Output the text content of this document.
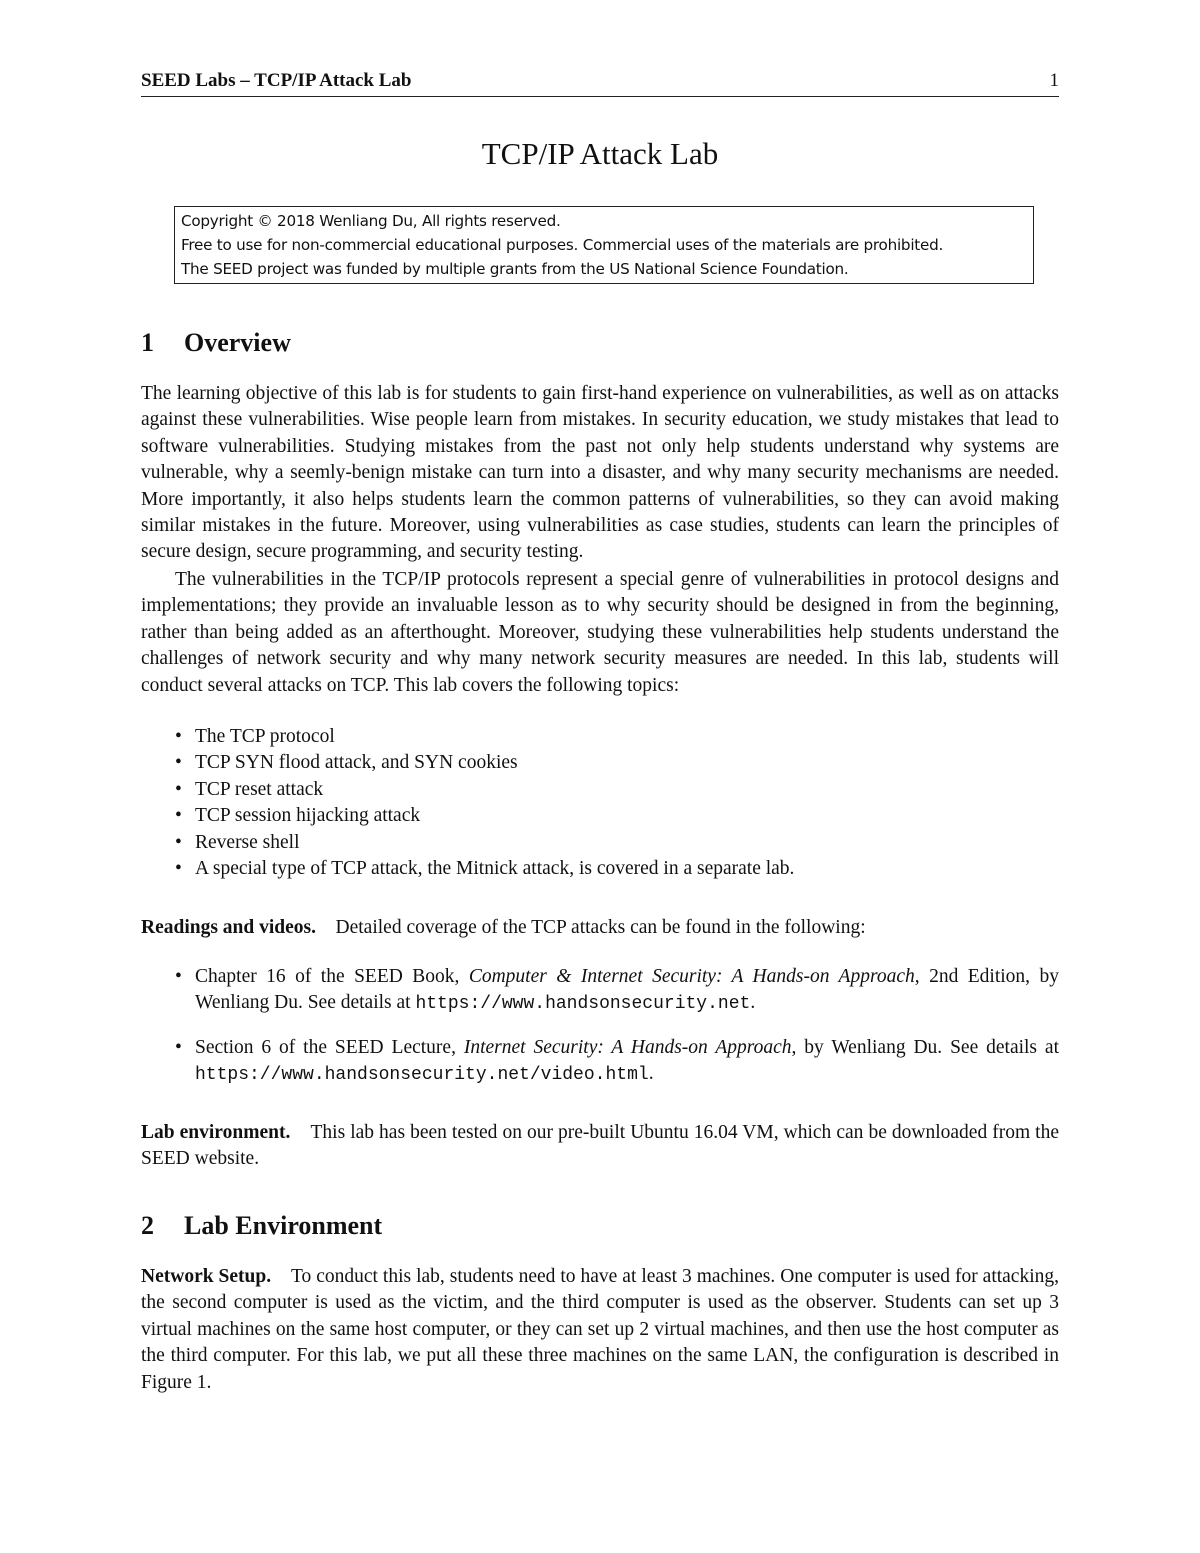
SEED Labs – TCP/IP Attack Lab	1
TCP/IP Attack Lab
Copyright © 2018 Wenliang Du, All rights reserved.
Free to use for non-commercial educational purposes. Commercial uses of the materials are prohibited.
The SEED project was funded by multiple grants from the US National Science Foundation.
1 Overview
The learning objective of this lab is for students to gain first-hand experience on vulnerabilities, as well as on attacks against these vulnerabilities. Wise people learn from mistakes. In security education, we study mistakes that lead to software vulnerabilities. Studying mistakes from the past not only help students understand why systems are vulnerable, why a seemly-benign mistake can turn into a disaster, and why many security mechanisms are needed. More importantly, it also helps students learn the common patterns of vulnerabilities, so they can avoid making similar mistakes in the future. Moreover, using vulnerabilities as case studies, students can learn the principles of secure design, secure programming, and security testing.
The vulnerabilities in the TCP/IP protocols represent a special genre of vulnerabilities in protocol designs and implementations; they provide an invaluable lesson as to why security should be designed in from the beginning, rather than being added as an afterthought. Moreover, studying these vulnerabilities help students understand the challenges of network security and why many network security measures are needed. In this lab, students will conduct several attacks on TCP. This lab covers the following topics:
• The TCP protocol
• TCP SYN flood attack, and SYN cookies
• TCP reset attack
• TCP session hijacking attack
• Reverse shell
• A special type of TCP attack, the Mitnick attack, is covered in a separate lab.
Readings and videos. Detailed coverage of the TCP attacks can be found in the following:
• Chapter 16 of the SEED Book, Computer & Internet Security: A Hands-on Approach, 2nd Edition, by Wenliang Du. See details at https://www.handsonsecurity.net.
• Section 6 of the SEED Lecture, Internet Security: A Hands-on Approach, by Wenliang Du. See details at https://www.handsonsecurity.net/video.html.
Lab environment. This lab has been tested on our pre-built Ubuntu 16.04 VM, which can be downloaded from the SEED website.
2 Lab Environment
Network Setup. To conduct this lab, students need to have at least 3 machines. One computer is used for attacking, the second computer is used as the victim, and the third computer is used as the observer. Students can set up 3 virtual machines on the same host computer, or they can set up 2 virtual machines, and then use the host computer as the third computer. For this lab, we put all these three machines on the same LAN, the configuration is described in Figure 1.
